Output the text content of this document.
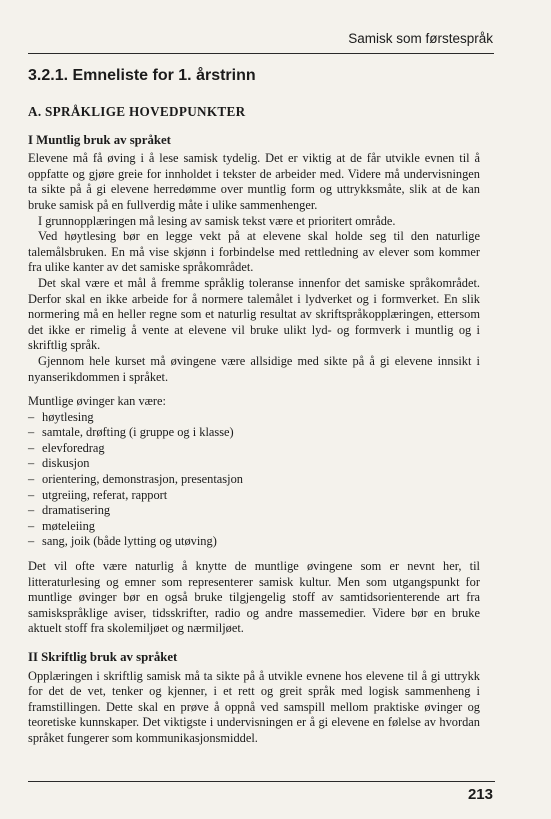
Samisk som førstespråk
3.2.1. Emneliste for 1. årstrinn
A. SPRÅKLIGE HOVEDPUNKTER
I Muntlig bruk av språket

Elevene må få øving i å lese samisk tydelig. Det er viktig at de får utvikle evnen til å oppfatte og gjøre greie for innholdet i tekster de arbeider med. Videre må undervisningen ta sikte på å gi elevene herredømme over muntlig form og uttrykksmåte, slik at de kan bruke samisk på en fullverdig måte i ulike sammenhenger.

I grunnopplæringen må lesing av samisk tekst være et prioritert område.

Ved høytlesing bør en legge vekt på at elevene skal holde seg til den naturlige talemålsbruken. En må vise skjønn i forbindelse med rettledning av elever som kommer fra ulike kanter av det samiske språkområdet.

Det skal være et mål å fremme språklig toleranse innenfor det samiske språkområdet. Derfor skal en ikke arbeide for å normere talemålet i lydverket og i formverket. En slik normering må en heller regne som et naturlig resultat av skriftspråkopplæringen, ettersom det ikke er rimelig å vente at elevene vil bruke ulikt lyd- og formverk i muntlig og i skriftlig språk.

Gjennom hele kurset må øvingene være allsidige med sikte på å gi elevene innsikt i nyanserikdommen i språket.

Muntlige øvinger kan være:

– høytlesing
– samtale, drøfting (i gruppe og i klasse)
– elevforedrag
– diskusjon
– orientering, demonstrasjon, presentasjon
– utgreiing, referat, rapport
– dramatisering
– møteleiing
– sang, joik (både lytting og utøving)

Det vil ofte være naturlig å knytte de muntlige øvingene som er nevnt her, til litteraturlesing og emner som representerer samisk kultur. Men som utgangspunkt for muntlige øvinger bør en også bruke tilgjengelig stoff av samtidsorienterende art fra samiskspråklige aviser, tidsskrifter, radio og andre massemedier. Videre bør en bruke aktuelt stoff fra skolemiljøet og nærmiljøet.

II Skriftlig bruk av språket

Opplæringen i skriftlig samisk må ta sikte på å utvikle evnene hos elevene til å gi uttrykk for det de vet, tenker og kjenner, i et rett og greit språk med logisk sammenheng i framstillingen. Dette skal en prøve å oppnå ved samspill mellom praktiske øvinger og teoretiske kunnskaper. Det viktigste i undervisningen er å gi elevene en følelse av hvordan språket fungerer som kommunikasjonsmiddel.

213
